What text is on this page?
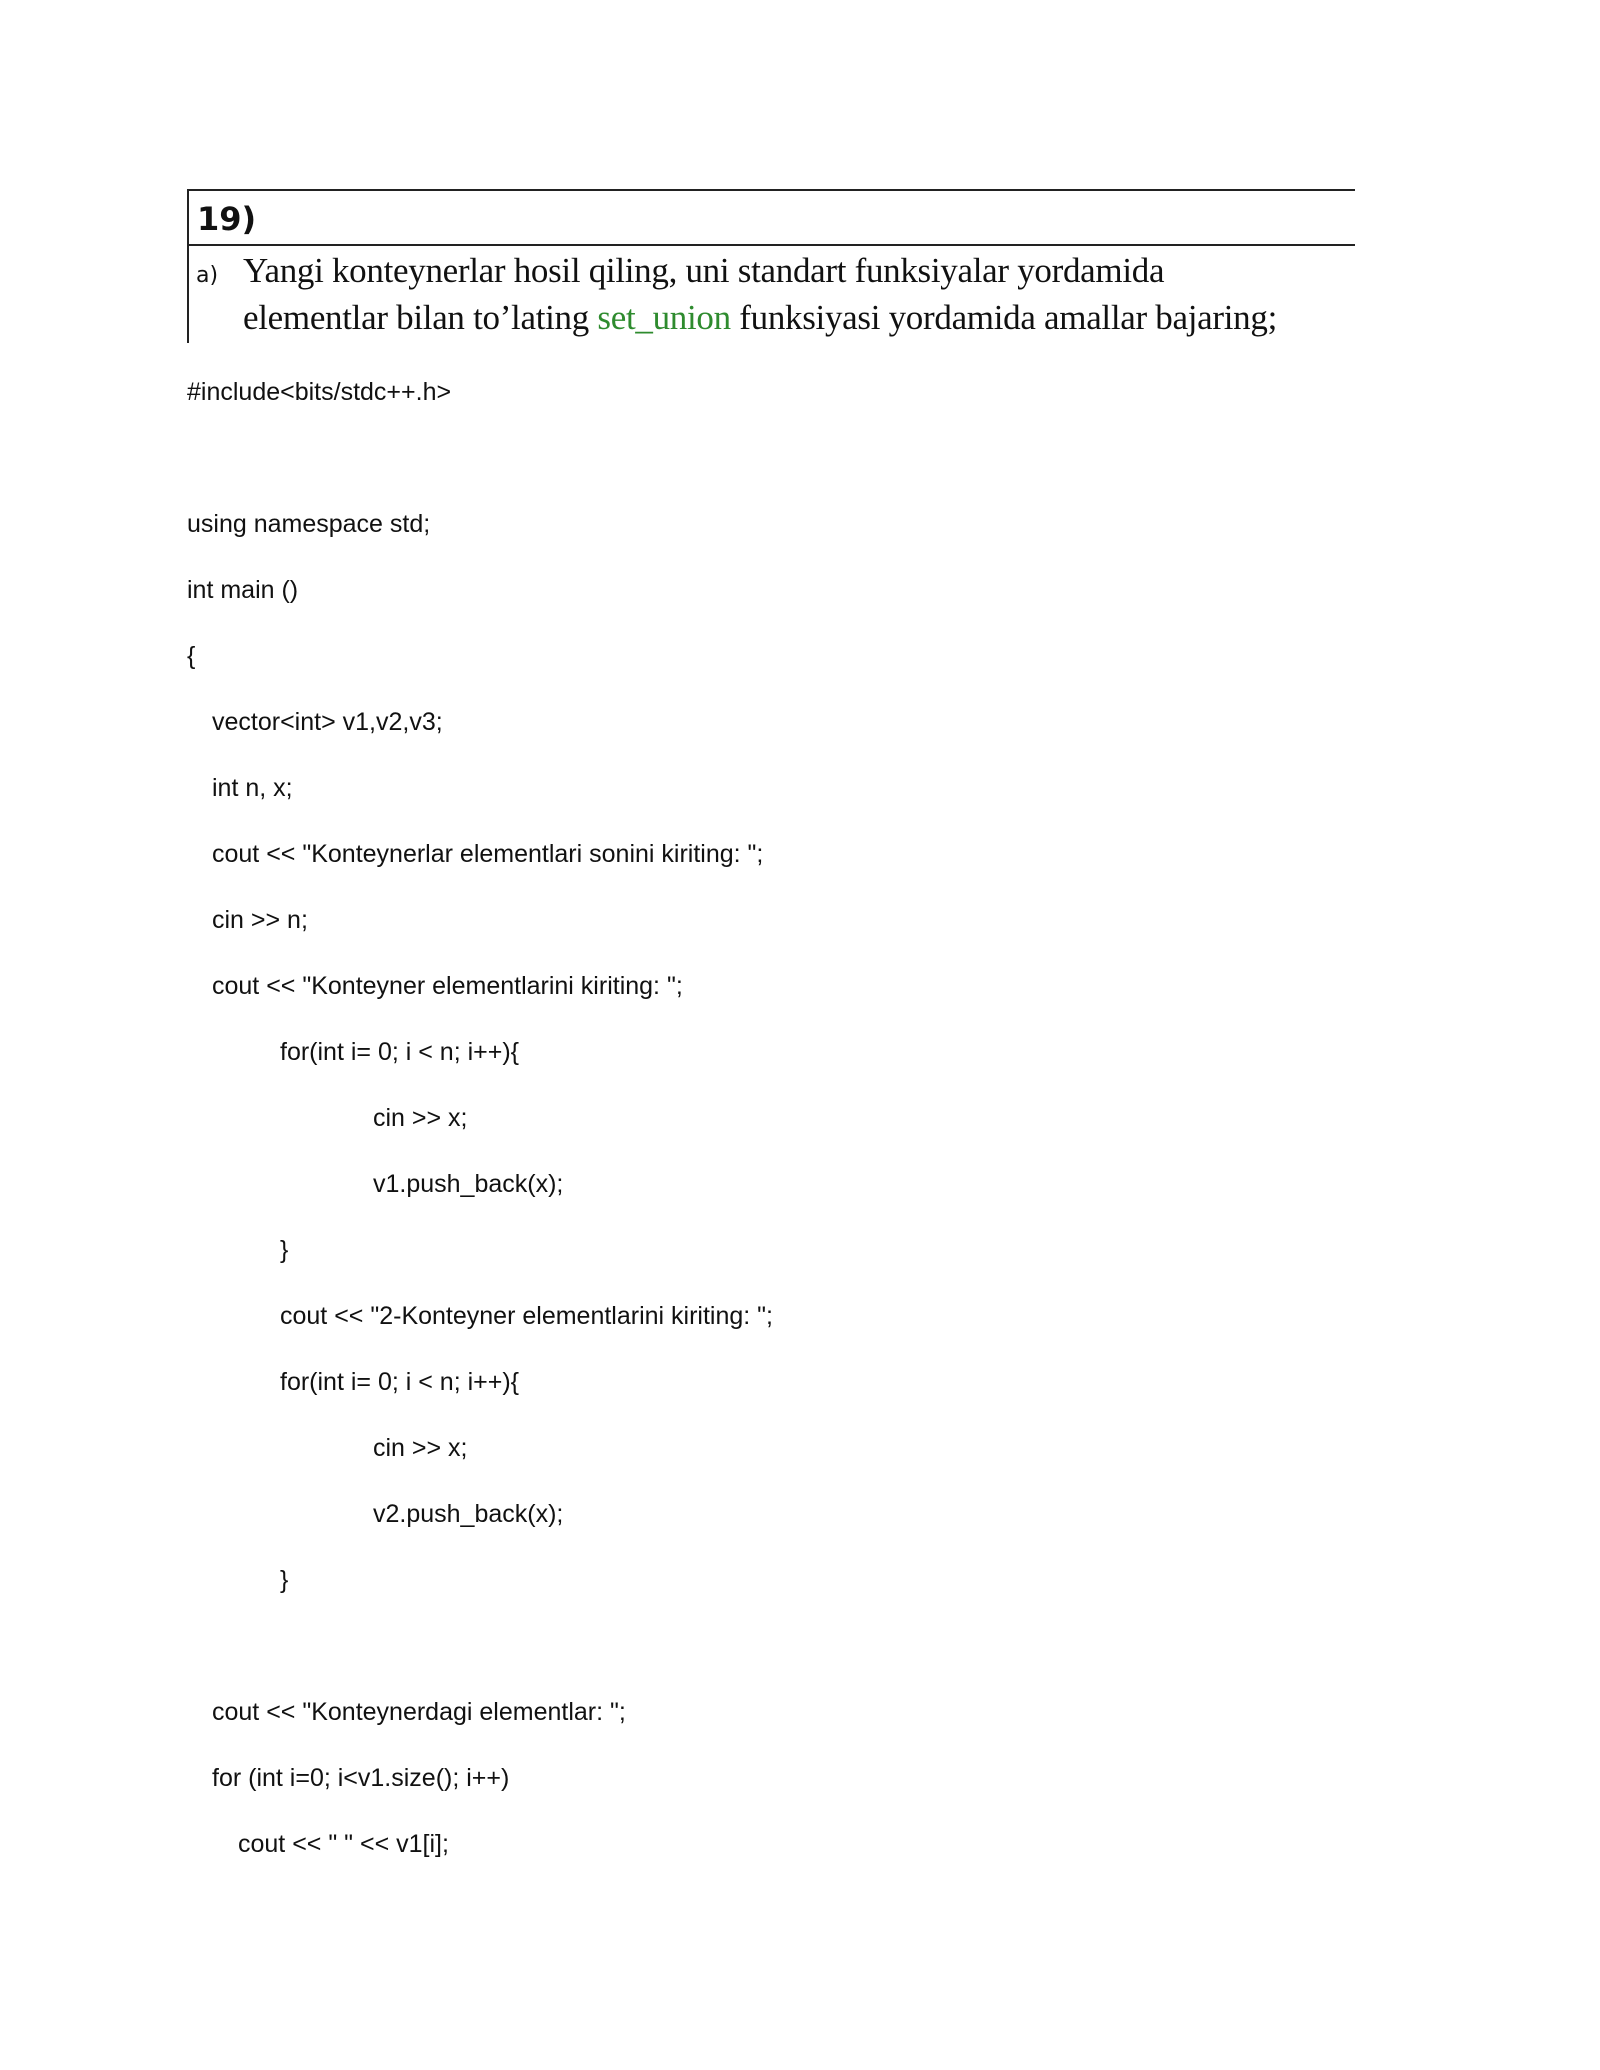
19)
a) Yangi konteynerlar hosil qiling, uni standart funksiyalar yordamida
elementlar bilan to’lating set_union funksiyasi yordamida amallar bajaring;
#include<bits/stdc++.h>
using namespace std;
int main ()
{
vector<int> v1,v2,v3;
int n, x;
cout << "Konteynerlar elementlari sonini kiriting: ";
cin >> n;
cout << "Konteyner elementlarini kiriting: ";
for(int i= 0; i < n; i++){
cin >> x;
v1.push_back(x);
}
cout << "2-Konteyner elementlarini kiriting: ";
for(int i= 0; i < n; i++){
cin >> x;
v2.push_back(x);
}
cout << "Konteynerdagi elementlar: ";
for (int i=0; i<v1.size(); i++)
cout << " " << v1[i];
